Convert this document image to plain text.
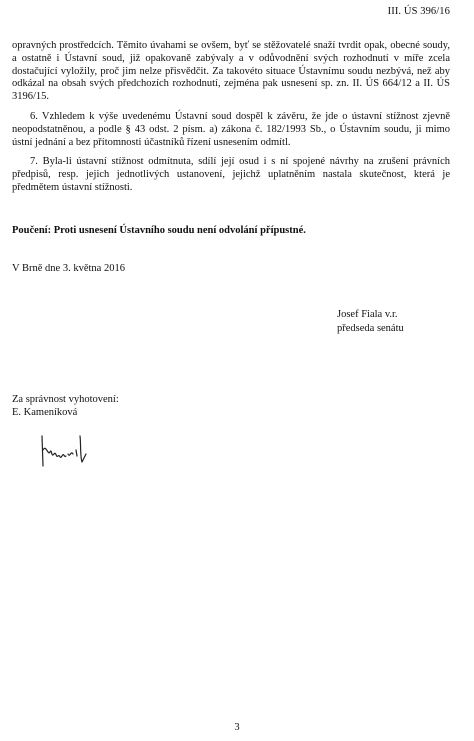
III. ÚS 396/16

opravných prostředcích. Těmito úvahami se ovšem, byť se stěžovatelé snaží tvrdit opak, obecné soudy, a ostatně i Ústavní soud, již opakovaně zabývaly a v odůvodnění svých rozhodnutí v míře zcela dostačující vyložily, proč jim nelze přisvědčit. Za takovéto situace Ústavnímu soudu nezbývá, než aby odkázal na obsah svých předchozích rozhodnutí, zejména pak usnesení sp. zn. II. ÚS 664/12 a II. ÚS 3196/15.

6. Vzhledem k výše uvedenému Ústavní soud dospěl k závěru, že jde o ústavní stížnost zjevně neopodstatněnou, a podle § 43 odst. 2 písm. a) zákona č. 182/1993 Sb., o Ústavním soudu, ji mimo ústní jednání a bez přítomnosti účastníků řízení usnesením odmítl.

7. Byla-li ústavní stížnost odmítnuta, sdílí její osud i s ní spojené návrhy na zrušení právních předpisů, resp. jejich jednotlivých ustanovení, jejichž uplatněním nastala skutečnost, která je předmětem ústavní stížnosti.

Poučení: Proti usnesení Ústavního soudu není odvolání přípustné.
V Brně dne 3. května 2016
Josef Fiala v.r.
předseda senátu
Za správnost vyhotovení:
E. Kameníková
3
